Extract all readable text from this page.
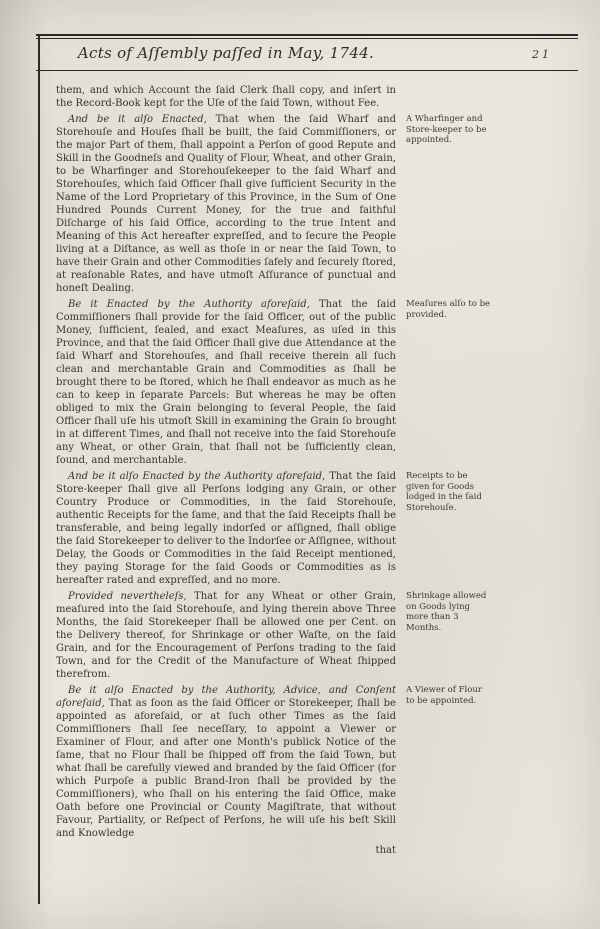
Acts of Aſſembly paſſed in May, 1744.	21

them, and which Account the ſaid Clerk ſhall copy, and inſert in the Record-Book kept for the Uſe of the ſaid Town, without Fee.

And be it alſo Enacted, That when the ſaid Wharf and Storehouſe and Houſes ſhall be built, the ſaid Commiſſioners, or the major Part of them, ſhall appoint a Perſon of good Repute and Skill in the Goodneſs and Quality of Flour, Wheat, and other Grain, to be Wharfinger and Storehouſekeeper to the ſaid Wharf and Storehouſes, which ſaid Officer ſhall give ſufficient Security in the Name of the Lord Proprietary of this Province, in the Sum of One Hundred Pounds Current Money, for the true and faithful Diſcharge of his ſaid Office, according to the true Intent and Meaning of this Act hereafter expreſſed, and to ſecure the People living at a Diſtance, as well as thoſe in or near the ſaid Town, to have their Grain and other Commodities ſafely and ſecurely ſtored, at reaſonable Rates, and have utmoſt Aſſurance of punctual and honeſt Dealing.

A Wharfinger and Store-keeper to be appointed.

Be it Enacted by the Authority aforeſaid, That the ſaid Commiſſioners ſhall provide for the ſaid Officer, out of the public Money, ſufficient, ſealed, and exact Meaſures, as uſed in this Province, and that the ſaid Officer ſhall give due Attendance at the ſaid Wharf and Storehouſes, and ſhall receive therein all ſuch clean and merchantable Grain and Commodities as ſhall be brought there to be ſtored, which he ſhall endeavor as much as he can to keep in ſeparate Parcels: But whereas he may be often obliged to mix the Grain belonging to ſeveral People, the ſaid Officer ſhall uſe his utmoſt Skill in examining the Grain ſo brought in at different Times, and ſhall not receive into the ſaid Storehouſe any Wheat, or other Grain, that ſhall not be ſufficiently clean, ſound, and merchantable.

Meaſures alſo to be provided.

And be it alſo Enacted by the Authority aforeſaid, That the ſaid Store-keeper ſhall give all Perſons lodging any Grain, or other Country Produce or Commodities, in the ſaid Storehouſe, authentic Receipts for the ſame, and that the ſaid Receipts ſhall be transferable, and being legally indorſed or aſſigned, ſhall oblige the ſaid Storekeeper to deliver to the Indorſee or Aſſignee, without Delay, the Goods or Commodities in the ſaid Receipt mentioned, they paying Storage for the ſaid Goods or Commodities as is hereafter rated and expreſſed, and no more.

Receipts to be given for Goods lodged in the ſaid Storehouſe.

Provided nevertheleſs, That for any Wheat or other Grain, meaſured into the ſaid Storehouſe, and lying therein above Three Months, the ſaid Storekeeper ſhall be allowed one per Cent. on the Delivery thereof, for Shrinkage or other Waſte, on the ſaid Grain, and for the Encouragement of Perſons trading to the ſaid Town, and for the Credit of the Manufacture of Wheat ſhipped therefrom.

Shrinkage allowed on Goods lying more than 3 Months.

Be it alſo Enacted by the Authority, Advice, and Conſent aforeſaid, That as ſoon as the ſaid Officer or Storekeeper, ſhall be appointed as aforeſaid, or at ſuch other Times as the ſaid Commiſſioners ſhall ſee neceſſary, to appoint a Viewer or Examiner of Flour, and after one Month's publick Notice of the ſame, that no Flour ſhall be ſhipped off from the ſaid Town, but what ſhall be carefully viewed and branded by the ſaid Officer (for which Purpoſe a public Brand-Iron ſhall be provided by the Commiſſioners), who ſhall on his entering the ſaid Office, make Oath before one Provincial or County Magiſtrate, that without Favour, Partiality, or Reſpect of Perſons, he will uſe his beſt Skill and Knowledge

A Viewer of Flour to be appointed.
that
